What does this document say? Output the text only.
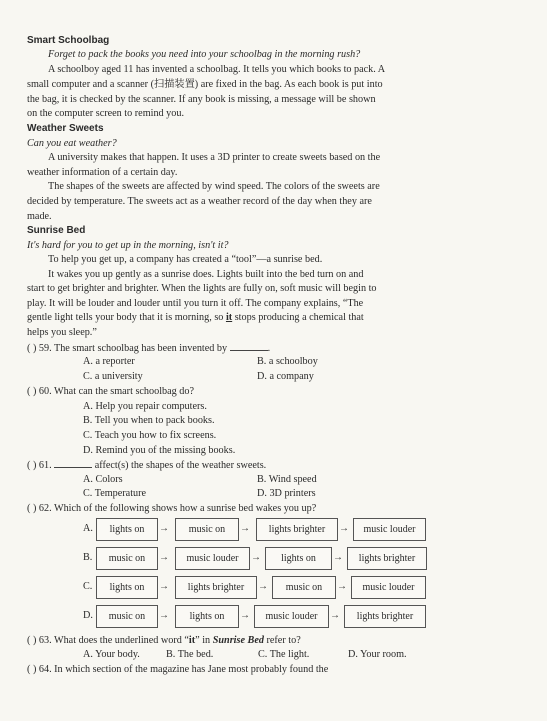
Smart Schoolbag
Forget to pack the books you need into your schoolbag in the morning rush?
A schoolboy aged 11 has invented a schoolbag. It tells you which books to pack. A
small computer and a scanner (扫描装置) are fixed in the bag. As each book is put into
the bag, it is checked by the scanner. If any book is missing, a message will be shown
on the computer screen to remind you.
Weather Sweets
Can you eat weather?
A university makes that happen. It uses a 3D printer to create sweets based on the
weather information of a certain day.
The shapes of the sweets are affected by wind speed. The colors of the sweets are
decided by temperature. The sweets act as a weather record of the day when they are
made.
Sunrise Bed
It's hard for you to get up in the morning, isn't it?
To help you get up, a company has created a “tool”—a sunrise bed.
It wakes you up gently as a sunrise does. Lights built into the bed turn on and
start to get brighter and brighter. When the lights are fully on, soft music will begin to
play. It will be louder and louder until you turn it off. The company explains, “The
gentle light tells your body that it is morning, so it stops producing a chemical that
helps you sleep.”
( ) 59. The smart schoolbag has been invented by	.
A. a reporter	B. a schoolboy
C. a university	D. a company
( ) 60. What can the smart schoolbag do?
A. Help you repair computers.
B. Tell you when to pack books.
C. Teach you how to fix screens.
D. Remind you of the missing books.
( ) 61.	affect(s) the shapes of the weather sweets.
A. Colors	B. Wind speed
C. Temperature	D. 3D printers
( ) 62. Which of the following shows how a sunrise bed wakes you up?
A.	lights on	→	music on	→	lights brighter	→	music louder
B.	music on	→	music louder	→	lights on	→	lights brighter
C.	lights on	→	lights brighter	→	music on	→	music louder
D.	music on	→	lights on	→	music louder	→	lights brighter
( ) 63. What does the underlined word “it” in Sunrise Bed refer to?
A. Your body.	B. The bed.	C. The light.	D. Your room.
( ) 64. In which section of the magazine has Jane most probably found the
